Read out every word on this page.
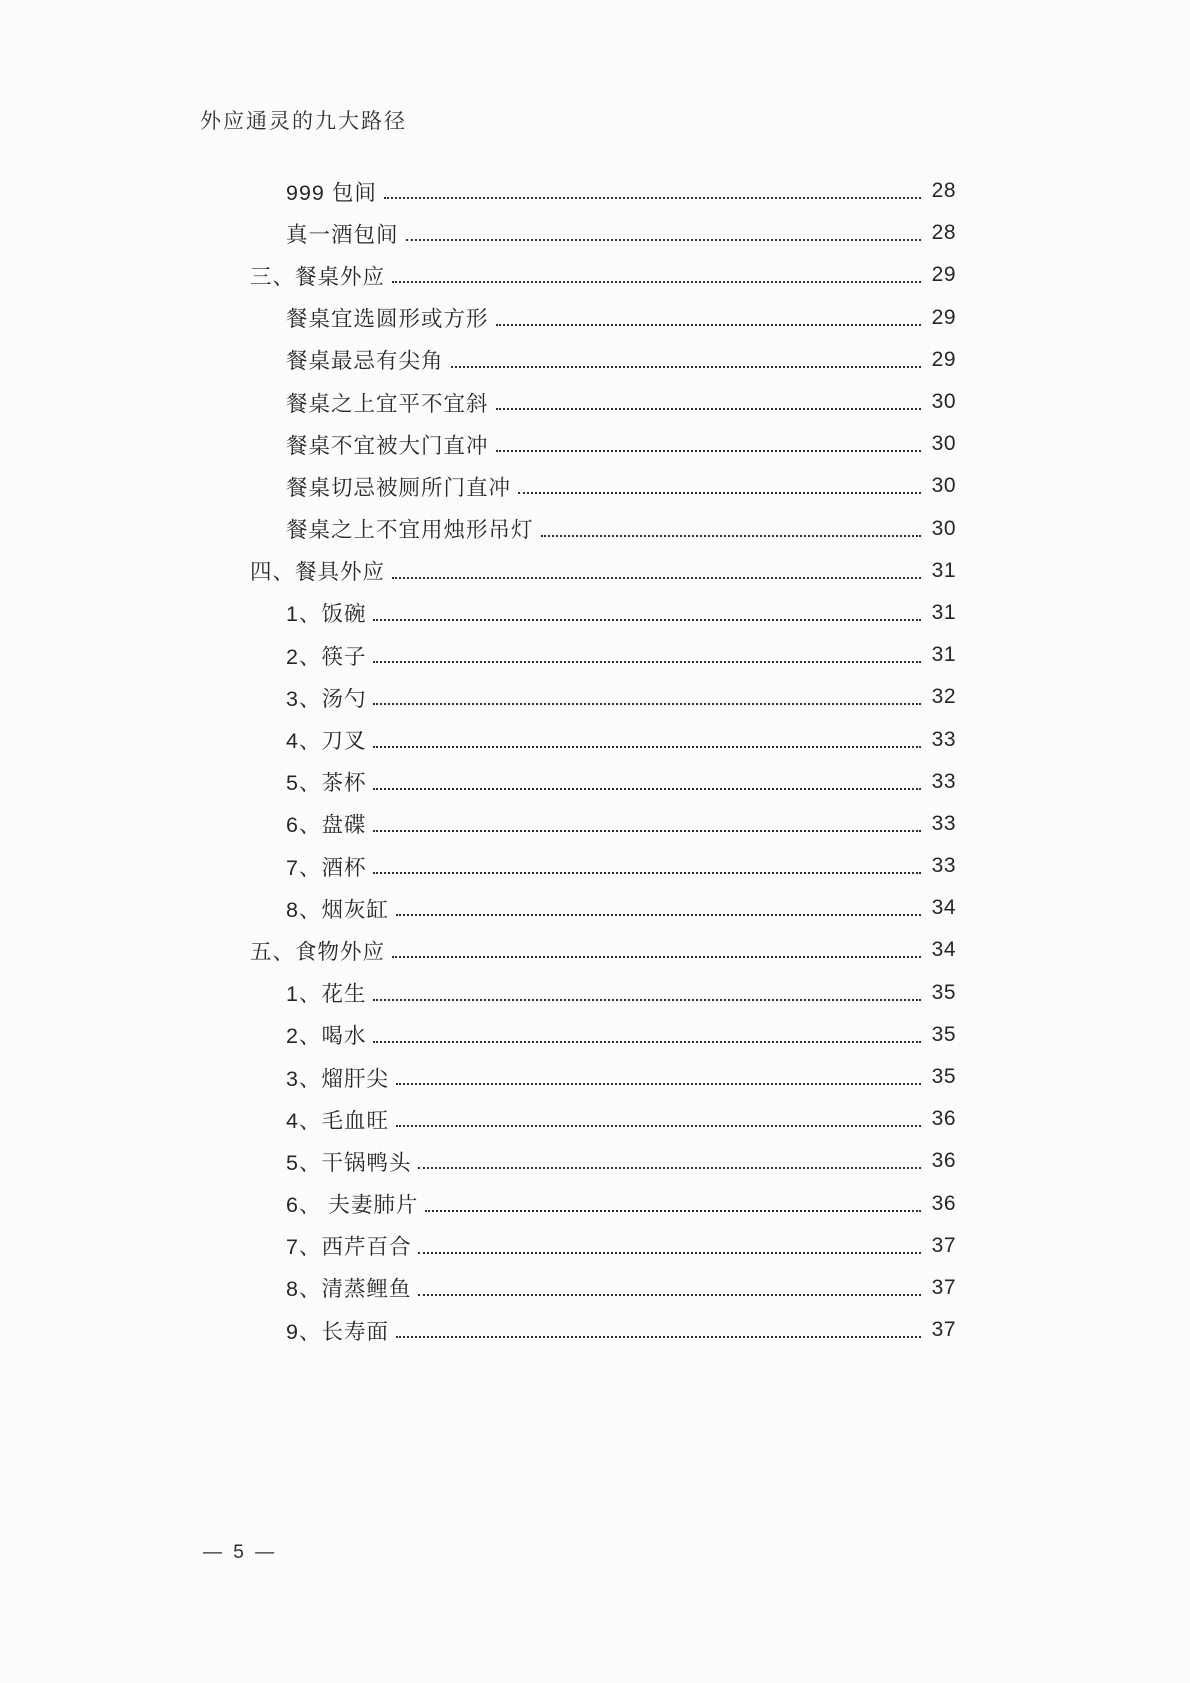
外应通灵的九大路径
999 包间	28
真一酒包间	28
三、餐桌外应	29
餐桌宜选圆形或方形	29
餐桌最忌有尖角	29
餐桌之上宜平不宜斜	30
餐桌不宜被大门直冲	30
餐桌切忌被厕所门直冲	30
餐桌之上不宜用烛形吊灯	30
四、餐具外应	31
1、饭碗	31
2、筷子	31
3、汤勺	32
4、刀叉	33
5、茶杯	33
6、盘碟	33
7、酒杯	33
8、烟灰缸	34
五、食物外应	34
1、花生	35
2、喝水	35
3、熘肝尖	35
4、毛血旺	36
5、干锅鸭头	36
6、 夫妻肺片	36
7、西芹百合	37
8、清蒸鲤鱼	37
9、长寿面	37
— 5 —
